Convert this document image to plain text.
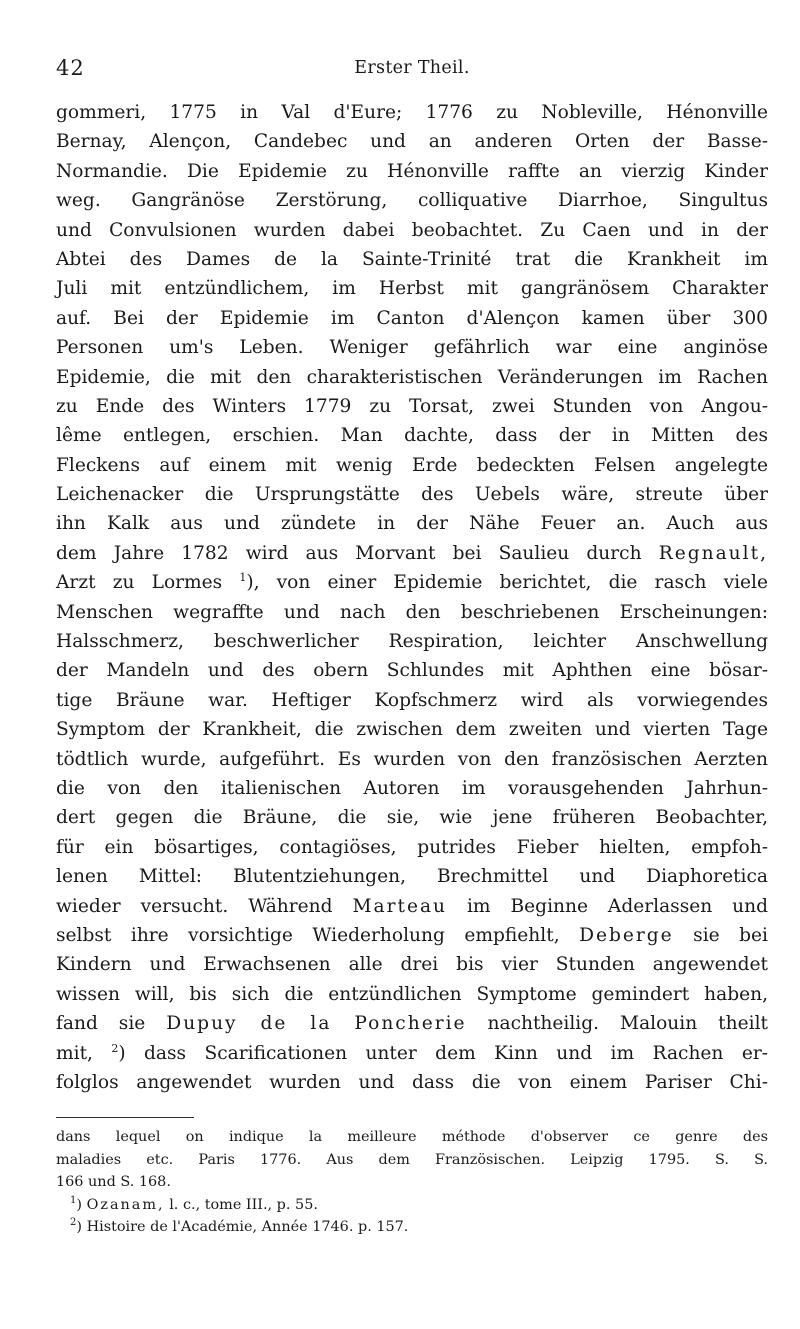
42	Erster Theil.
gommeri, 1775 in Val d'Eure; 1776 zu Nobleville, Hénonville
Bernay, Alençon, Candebec und an anderen Orten der Basse-
Normandie. Die Epidemie zu Hénonville raffte an vierzig Kinder
weg. Gangränöse Zerstörung, colliquative Diarrhoe, Singultus
und Convulsionen wurden dabei beobachtet. Zu Caen und in der
Abtei des Dames de la Sainte-Trinité trat die Krankheit im
Juli mit entzündlichem, im Herbst mit gangränösem Charakter
auf. Bei der Epidemie im Canton d'Alençon kamen über 300
Personen um's Leben. Weniger gefährlich war eine anginöse
Epidemie, die mit den charakteristischen Veränderungen im Rachen
zu Ende des Winters 1779 zu Torsat, zwei Stunden von Angou-
lême entlegen, erschien. Man dachte, dass der in Mitten des
Fleckens auf einem mit wenig Erde bedeckten Felsen angelegte
Leichenacker die Ursprungstätte des Uebels wäre, streute über
ihn Kalk aus und zündete in der Nähe Feuer an. Auch aus
dem Jahre 1782 wird aus Morvant bei Saulieu durch Regnault,
Arzt zu Lormes $^1$), von einer Epidemie berichtet, die rasch viele
Menschen wegraffte und nach den beschriebenen Erscheinungen:
Halsschmerz, beschwerlicher Respiration, leichter Anschwellung
der Mandeln und des obern Schlundes mit Aphthen eine bösar-
tige Bräune war. Heftiger Kopfschmerz wird als vorwiegendes
Symptom der Krankheit, die zwischen dem zweiten und vierten Tage
tödtlich wurde, aufgeführt. Es wurden von den französischen Aerzten
die von den italienischen Autoren im vorausgehenden Jahrhun-
dert gegen die Bräune, die sie, wie jene früheren Beobachter,
für ein bösartiges, contagiöses, putrides Fieber hielten, empfoh-
lenen Mittel: Blutentziehungen, Brechmittel und Diaphoretica
wieder versucht. Während Marteau im Beginne Aderlassen und
selbst ihre vorsichtige Wiederholung empfiehlt, Deberge sie bei
Kindern und Erwachsenen alle drei bis vier Stunden angewendet
wissen will, bis sich die entzündlichen Symptome gemindert haben,
fand sie Dupuy de la Poncherie nachtheilig. Malouin theilt
mit, $^2$) dass Scarificationen unter dem Kinn und im Rachen er-
folglos angewendet wurden und dass die von einem Pariser Chi-
dans lequel on indique la meilleure méthode d'observer ce genre des
maladies etc. Paris 1776. Aus dem Französischen. Leipzig 1795. S. S.
166 und S. 168.
$^1$) Ozanam, l. c., tome III., p. 55.
$^2$) Histoire de l'Académie, Année 1746. p. 157.
